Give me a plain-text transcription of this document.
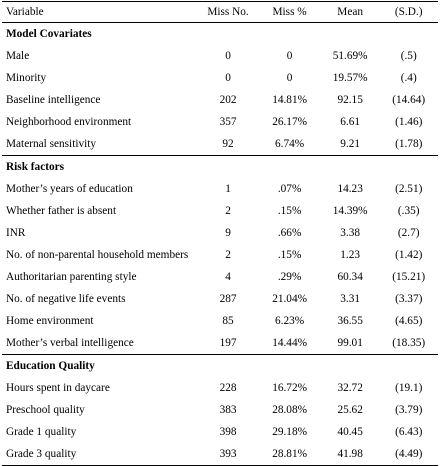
Variable	Miss No.	Miss %	Mean	(S.D.)
Model Covariates				
Male	0	0	51.69%	(.5)
Minority	0	0	19.57%	(.4)
Baseline intelligence	202	14.81%	92.15	(14.64)
Neighborhood environment	357	26.17%	6.61	(1.46)
Maternal sensitivity	92	6.74%	9.21	(1.78)
Risk factors				
Mother’s years of education	1	.07%	14.23	(2.51)
Whether father is absent	2	.15%	14.39%	(.35)
INR	9	.66%	3.38	(2.7)
No. of non-parental household members	2	.15%	1.23	(1.42)
Authoritarian parenting style	4	.29%	60.34	(15.21)
No. of negative life events	287	21.04%	3.31	(3.37)
Home environment	85	6.23%	36.55	(4.65)
Mother’s verbal intelligence	197	14.44%	99.01	(18.35)
Education Quality				
Hours spent in daycare	228	16.72%	32.72	(19.1)
Preschool quality	383	28.08%	25.62	(3.79)
Grade 1 quality	398	29.18%	40.45	(6.43)
Grade 3 quality	393	28.81%	41.98	(4.49)
